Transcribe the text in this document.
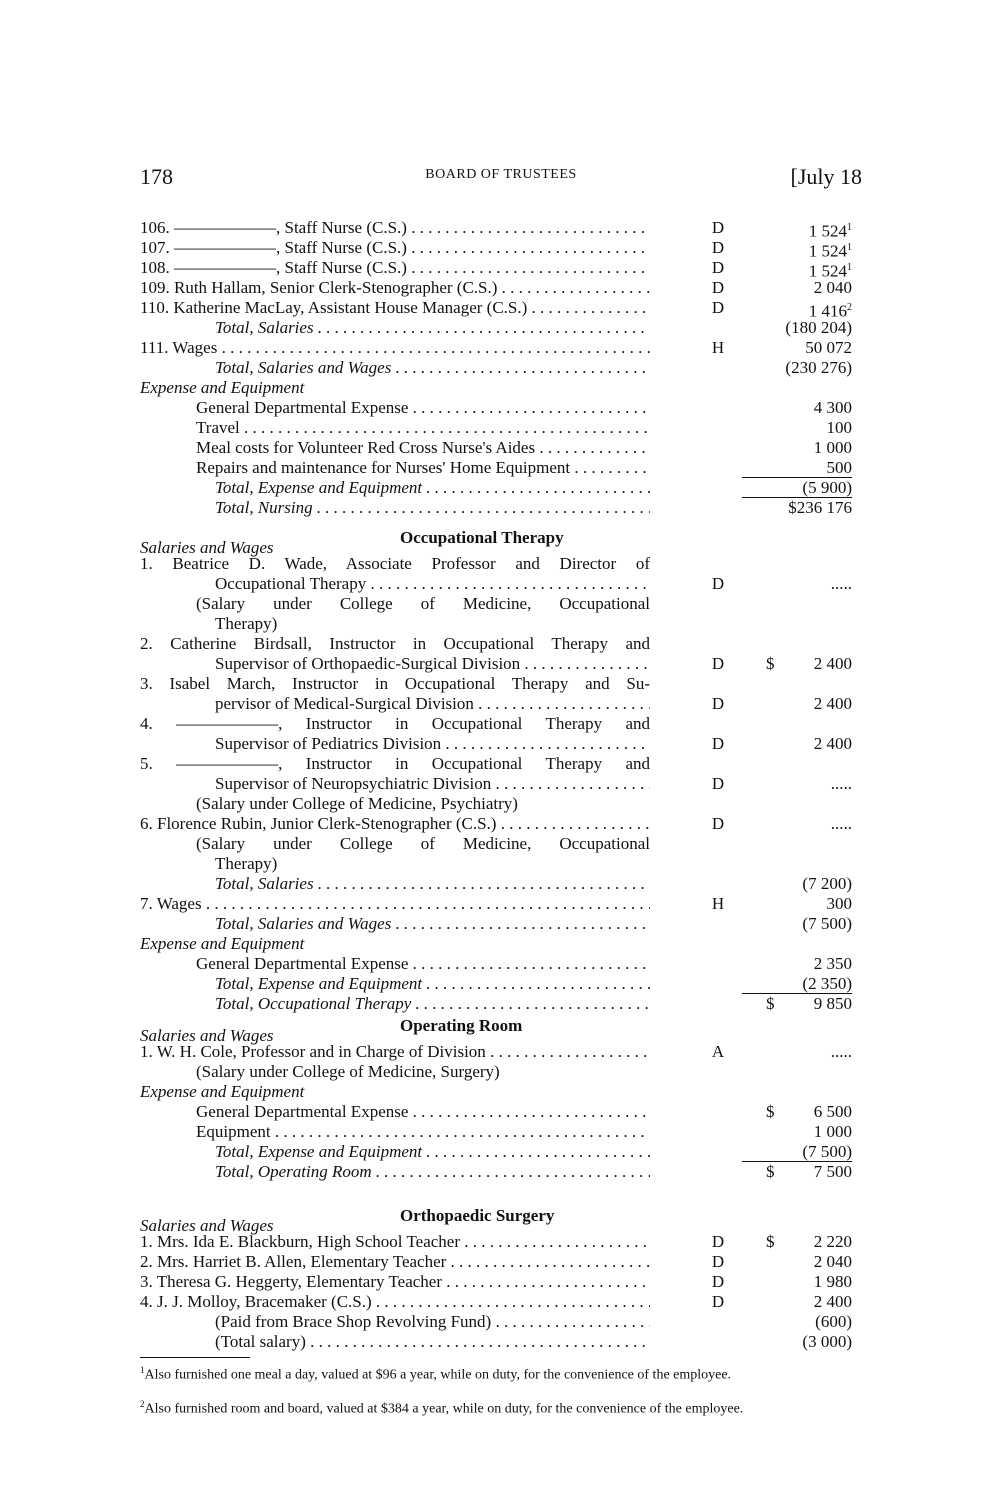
178	BOARD OF TRUSTEES	[July 18
106. ——————, Staff Nurse (C.S.) . . .	D	1 $524^1$
107. ——————, Staff Nurse (C.S.) . . .	D	1 $524^1$
108. ——————, Staff Nurse (C.S.) . . .	D	1 $524^1$
109. Ruth Hallam, Senior Clerk-Stenographer (C.S.) . . .	D	2 040
110. Katherine MacLay, Assistant House Manager (C.S.) . . .	D	1 $416^2$
Total, Salaries . . .	(180 204)
111. Wages . . .	H	50 072
Total, Salaries and Wages . . .	(230 276)
Expense and Equipment
General Departmental Expense . . .	4 300
Travel . . .	100
Meal costs for Volunteer Red Cross Nurse's Aides . . .	1 000
Repairs and maintenance for Nurses' Home Equipment . . .	500
Total, Expense and Equipment . . .	(5 900)
Total, Nursing . . .	$236 176
Salaries and Wages
Occupational Therapy
1. Beatrice D. Wade, Associate Professor and Director of
Occupational Therapy . . .	D	.....
(Salary under College of Medicine, Occupational
Therapy)
2. Catherine Birdsall, Instructor in Occupational Therapy and
Supervisor of Orthopaedic-Surgical Division . . .	D	$	2 400
3. Isabel March, Instructor in Occupational Therapy and Su-
pervisor of Medical-Surgical Division . . .	D	2 400
4. ——————, Instructor in Occupational Therapy and
Supervisor of Pediatrics Division . . .	D	2 400
5. ——————, Instructor in Occupational Therapy and
Supervisor of Neuropsychiatric Division . . .	D	.....
(Salary under College of Medicine, Psychiatry)
6. Florence Rubin, Junior Clerk-Stenographer (C.S.) . . .	D	.....
(Salary under College of Medicine, Occupational
Therapy)
Total, Salaries . . .	(7 200)
7. Wages . . .	H	300
Total, Salaries and Wages . . .	(7 500)
Expense and Equipment
General Departmental Expense . . .	2 350
Total, Expense and Equipment . . .	(2 350)
Total, Occupational Therapy . . .	$	9 850
Salaries and Wages
Operating Room
1. W. H. Cole, Professor and in Charge of Division . . .	A	.....
(Salary under College of Medicine, Surgery)
Expense and Equipment
General Departmental Expense . . .	$	6 500
Equipment . . .	1 000
Total, Expense and Equipment . . .	(7 500)
Total, Operating Room . . .	$	7 500
Salaries and Wages
Orthopaedic Surgery
1. Mrs. Ida E. Blackburn, High School Teacher . . .	D	$	2 220
2. Mrs. Harriet B. Allen, Elementary Teacher . . .	D	2 040
3. Theresa G. Heggerty, Elementary Teacher . . .	D	1 980
4. J. J. Molloy, Bracemaker (C.S.) . . .	D	2 400
(Paid from Brace Shop Revolving Fund) . . .	(600)
(Total salary) . . .	(3 000)
$^1$Also furnished one meal a day, valued at $96 a year, while on duty, for the convenience of the employee.
$^2$Also furnished room and board, valued at $384 a year, while on duty, for the convenience of the employee.
